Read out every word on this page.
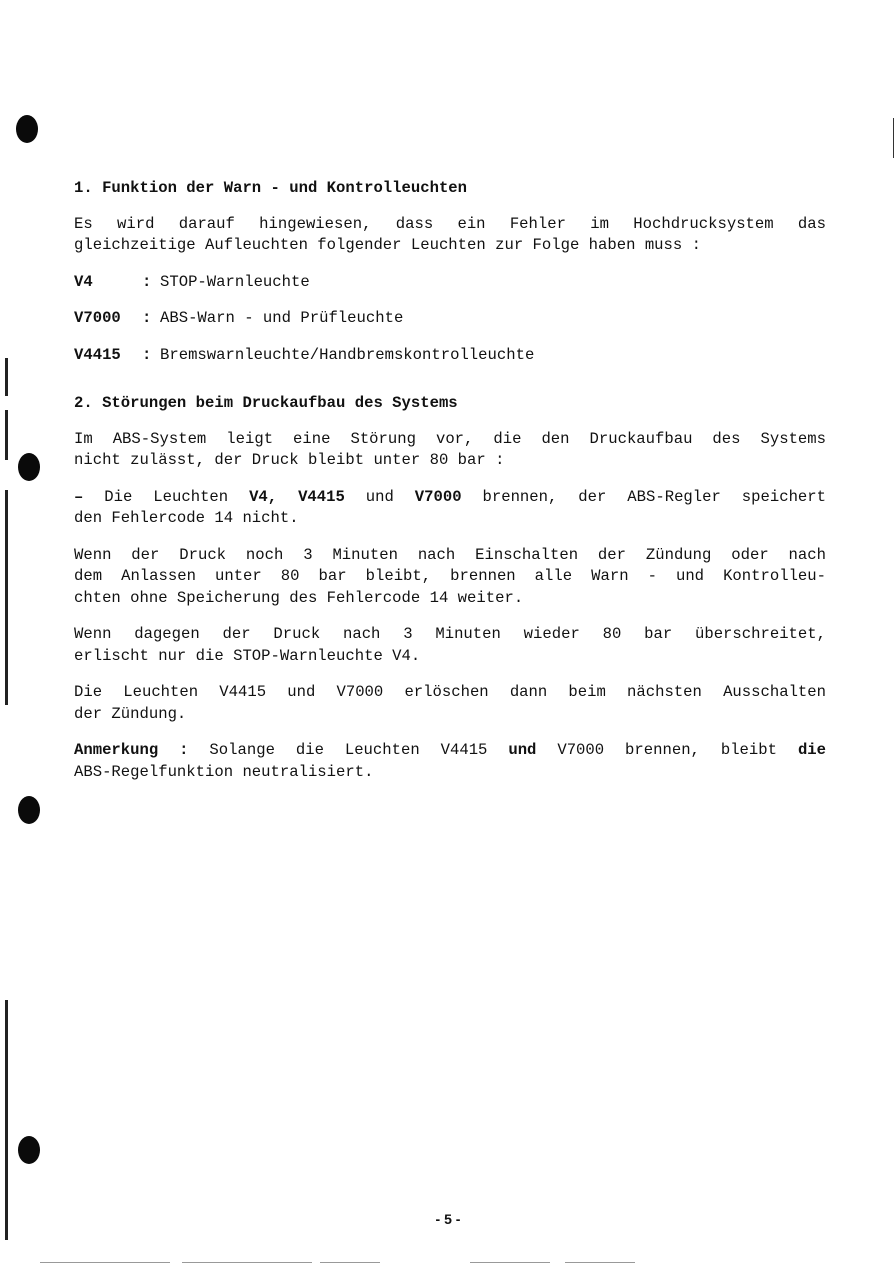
1. Funktion der Warn - und Kontrolleuchten

Es wird darauf hingewiesen, dass ein Fehler im Hochdrucksystem das
gleichzeitige Aufleuchten folgender Leuchten zur Folge haben muss :

V4	: STOP-Warnleuchte
V7000	: ABS-Warn - und Prüfleuchte
V4415	: Bremswarnleuchte/Handbremskontrolleuchte

2. Störungen beim Druckaufbau des Systems

Im ABS-System leigt eine Störung vor, die den Druckaufbau des Systems
nicht zulässt, der Druck bleibt unter 80 bar :

– Die Leuchten V4, V4415 und V7000 brennen, der ABS-Regler speichert
den Fehlercode 14 nicht.

Wenn der Druck noch 3 Minuten nach Einschalten der Zündung oder nach
dem Anlassen unter 80 bar bleibt, brennen alle Warn - und Kontrolleu-
chten ohne Speicherung des Fehlercode 14 weiter.

Wenn dagegen der Druck nach 3 Minuten wieder 80 bar überschreitet,
erlischt nur die STOP-Warnleuchte V4.

Die Leuchten V4415 und V7000 erlöschen dann beim nächsten Ausschalten
der Zündung.

Anmerkung : Solange die Leuchten V4415 und V7000 brennen, bleibt die
ABS-Regelfunktion neutralisiert.

- 5 -
